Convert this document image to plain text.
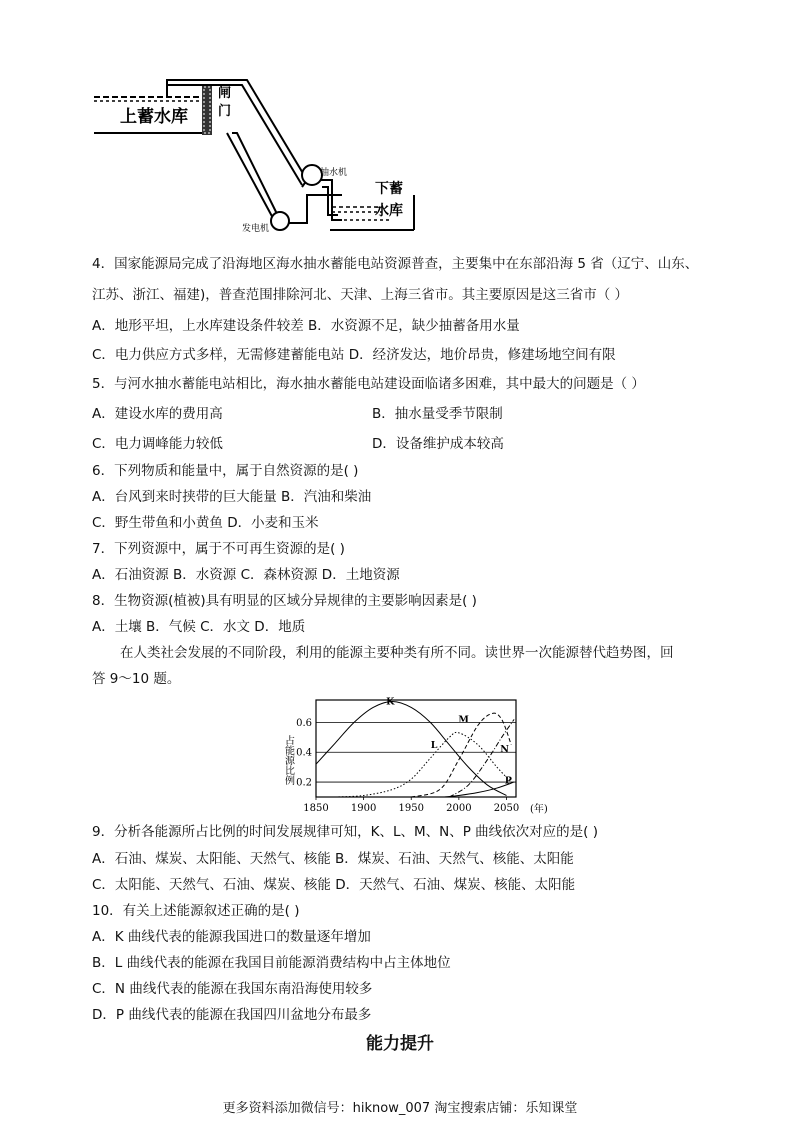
上蓄水库
闸
门
抽水机
发电机
下蓄
水库
4．国家能源局完成了沿海地区海水抽水蓄能电站资源普查，主要集中在东部沿海 5 省（辽宁、山东、
江苏、浙江、福建)，普查范围排除河北、天津、上海三省市。其主要原因是这三省市（ ）
A．地形平坦，上水库建设条件较差 B．水资源不足，缺少抽蓄备用水量
C．电力供应方式多样，无需修建蓄能电站 D．经济发达，地价昂贵，修建场地空间有限
5．与河水抽水蓄能电站相比，海水抽水蓄能电站建设面临诸多困难，其中最大的问题是（ ）
A．建设水库的费用高	B．抽水量受季节限制
C．电力调峰能力较低	D．设备维护成本较高
6．下列物质和能量中，属于自然资源的是( )
A．台风到来时挟带的巨大能量 B．汽油和柴油
C．野生带鱼和小黄鱼 D．小麦和玉米
7．下列资源中，属于不可再生资源的是( )
A．石油资源 B．水资源 C．森林资源 D．土地资源
8．生物资源(植被)具有明显的区域分异规律的主要影响因素是( )
A．土壤 B．气候 C．水文 D．地质
在人类社会发展的不同阶段，利用的能源主要种类有所不同。读世界一次能源替代趋势图，回
答 9～10 题。
0.2
0.4
0.6
1850 1900 1950 2000 2050
K
L
M
N
P
占能源比例
(年)
9．分析各能源所占比例的时间发展规律可知，K、L、M、N、P 曲线依次对应的是( )
A．石油、煤炭、太阳能、天然气、核能 B．煤炭、石油、天然气、核能、太阳能
C．太阳能、天然气、石油、煤炭、核能 D．天然气、石油、煤炭、核能、太阳能
10．有关上述能源叙述正确的是( )
A．K 曲线代表的能源我国进口的数量逐年增加
B．L 曲线代表的能源在我国目前能源消费结构中占主体地位
C．N 曲线代表的能源在我国东南沿海使用较多
D．P 曲线代表的能源在我国四川盆地分布最多
能力提升
更多资料添加微信号：hiknow_007 淘宝搜索店铺：乐知课堂
